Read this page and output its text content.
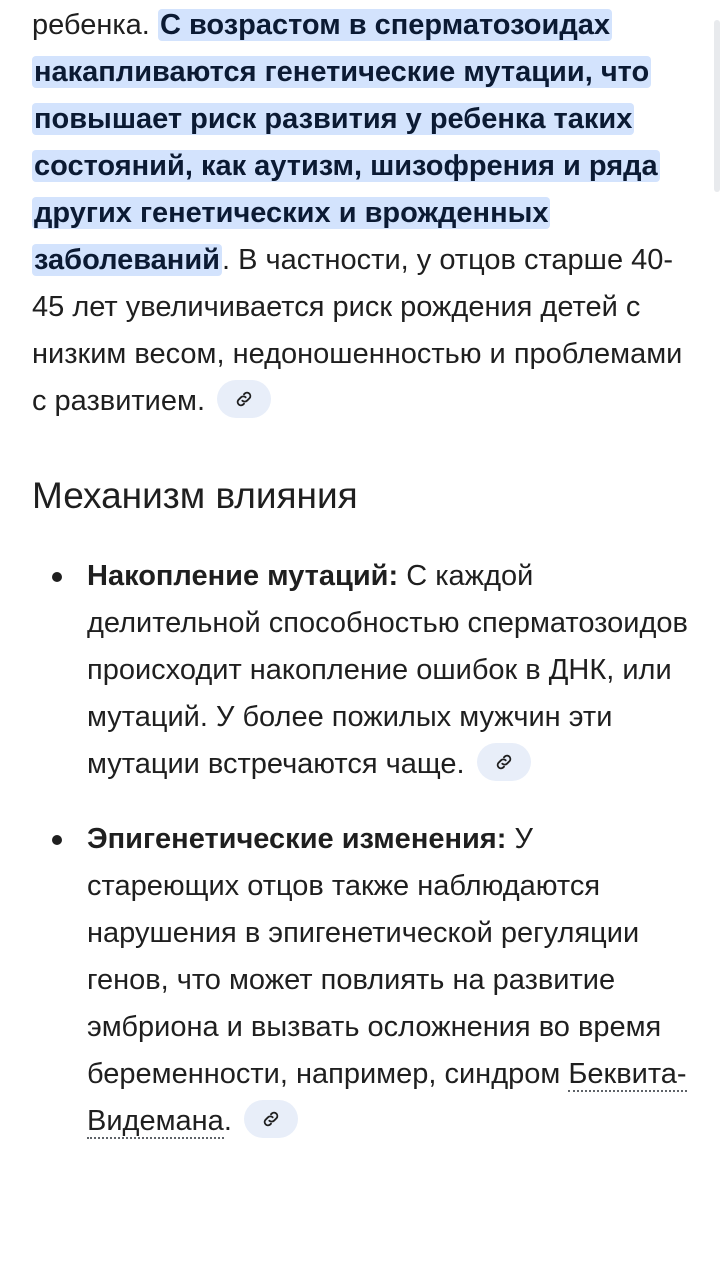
ребенка. С возрастом в сперматозоидах накапливаются генетические мутации, что повышает риск развития у ребенка таких состояний, как аутизм, шизофрения и ряда других генетических и врожденных заболеваний. В частности, у отцов старше 40-45 лет увеличивается риск рождения детей с низким весом, недоношенностью и проблемами с развитием.

Механизм влияния
Накопление мутаций: С каждой делительной способностью сперматозоидов происходит накопление ошибок в ДНК, или мутаций. У более пожилых мужчин эти мутации встречаются чаще.
Эпигенетические изменения: У стареющих отцов также наблюдаются нарушения в эпигенетической регуляции генов, что может повлиять на развитие эмбриона и вызвать осложнения во время беременности, например, синдром Беквита-Видемана.
